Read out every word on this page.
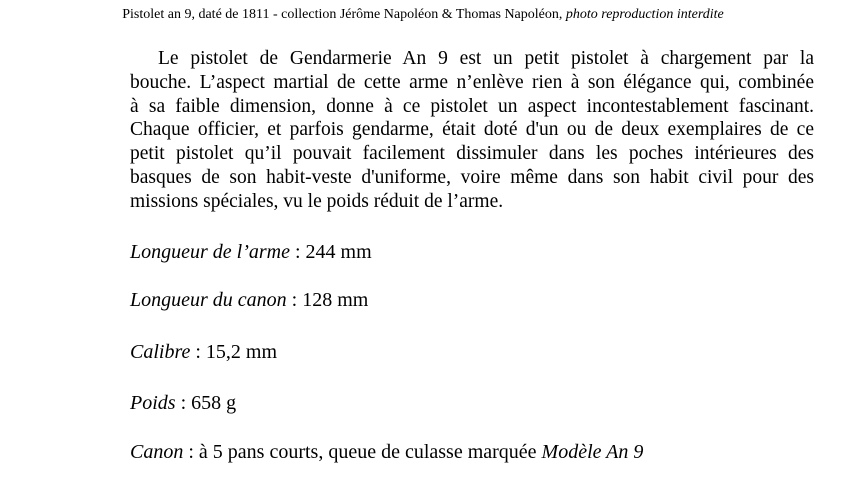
Pistolet an 9, daté de 1811 - collection Jérôme Napoléon & Thomas Napoléon, photo reproduction interdite
Le pistolet de Gendarmerie An 9 est un petit pistolet à chargement par la
bouche. L’aspect martial de cette arme n’enlève rien à son élégance qui, combinée
à sa faible dimension, donne à ce pistolet un aspect incontestablement fascinant.
Chaque officier, et parfois gendarme, était doté d'un ou de deux exemplaires de ce
petit pistolet qu’il pouvait facilement dissimuler dans les poches intérieures des
basques de son habit-veste d'uniforme, voire même dans son habit civil pour des
missions spéciales, vu le poids réduit de l’arme.
Longueur de l’arme : 244 mm
Longueur du canon : 128 mm
Calibre : 15,2 mm
Poids : 658 g
Canon : à 5 pans courts, queue de culasse marquée Modèle An 9
